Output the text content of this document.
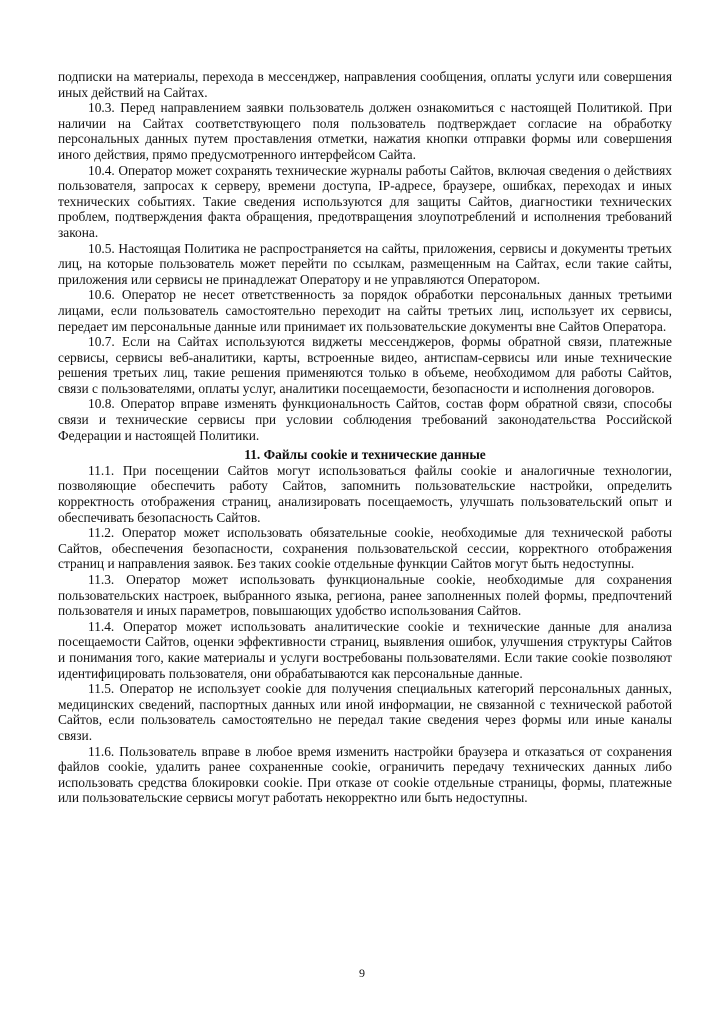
подписки на материалы, перехода в мессенджер, направления сообщения, оплаты услуги или совершения иных действий на Сайтах.

10.3. Перед направлением заявки пользователь должен ознакомиться с настоящей Политикой. При наличии на Сайтах соответствующего поля пользователь подтверждает согласие на обработку персональных данных путем проставления отметки, нажатия кнопки отправки формы или совершения иного действия, прямо предусмотренного интерфейсом Сайта.

10.4. Оператор может сохранять технические журналы работы Сайтов, включая сведения о действиях пользователя, запросах к серверу, времени доступа, IP-адресе, браузере, ошибках, переходах и иных технических событиях. Такие сведения используются для защиты Сайтов, диагностики технических проблем, подтверждения факта обращения, предотвращения злоупотреблений и исполнения требований закона.

10.5. Настоящая Политика не распространяется на сайты, приложения, сервисы и документы третьих лиц, на которые пользователь может перейти по ссылкам, размещенным на Сайтах, если такие сайты, приложения или сервисы не принадлежат Оператору и не управляются Оператором.

10.6. Оператор не несет ответственность за порядок обработки персональных данных третьими лицами, если пользователь самостоятельно переходит на сайты третьих лиц, использует их сервисы, передает им персональные данные или принимает их пользовательские документы вне Сайтов Оператора.

10.7. Если на Сайтах используются виджеты мессенджеров, формы обратной связи, платежные сервисы, сервисы веб-аналитики, карты, встроенные видео, антиспам-сервисы или иные технические решения третьих лиц, такие решения применяются только в объеме, необходимом для работы Сайтов, связи с пользователями, оплаты услуг, аналитики посещаемости, безопасности и исполнения договоров.

10.8. Оператор вправе изменять функциональность Сайтов, состав форм обратной связи, способы связи и технические сервисы при условии соблюдения требований законодательства Российской Федерации и настоящей Политики.

11. Файлы cookie и технические данные

11.1. При посещении Сайтов могут использоваться файлы cookie и аналогичные технологии, позволяющие обеспечить работу Сайтов, запомнить пользовательские настройки, определить корректность отображения страниц, анализировать посещаемость, улучшать пользовательский опыт и обеспечивать безопасность Сайтов.

11.2. Оператор может использовать обязательные cookie, необходимые для технической работы Сайтов, обеспечения безопасности, сохранения пользовательской сессии, корректного отображения страниц и направления заявок. Без таких cookie отдельные функции Сайтов могут быть недоступны.

11.3. Оператор может использовать функциональные cookie, необходимые для сохранения пользовательских настроек, выбранного языка, региона, ранее заполненных полей формы, предпочтений пользователя и иных параметров, повышающих удобство использования Сайтов.

11.4. Оператор может использовать аналитические cookie и технические данные для анализа посещаемости Сайтов, оценки эффективности страниц, выявления ошибок, улучшения структуры Сайтов и понимания того, какие материалы и услуги востребованы пользователями. Если такие cookie позволяют идентифицировать пользователя, они обрабатываются как персональные данные.

11.5. Оператор не использует cookie для получения специальных категорий персональных данных, медицинских сведений, паспортных данных или иной информации, не связанной с технической работой Сайтов, если пользователь самостоятельно не передал такие сведения через формы или иные каналы связи.

11.6. Пользователь вправе в любое время изменить настройки браузера и отказаться от сохранения файлов cookie, удалить ранее сохраненные cookie, ограничить передачу технических данных либо использовать средства блокировки cookie. При отказе от cookie отдельные страницы, формы, платежные или пользовательские сервисы могут работать некорректно или быть недоступны.

9
